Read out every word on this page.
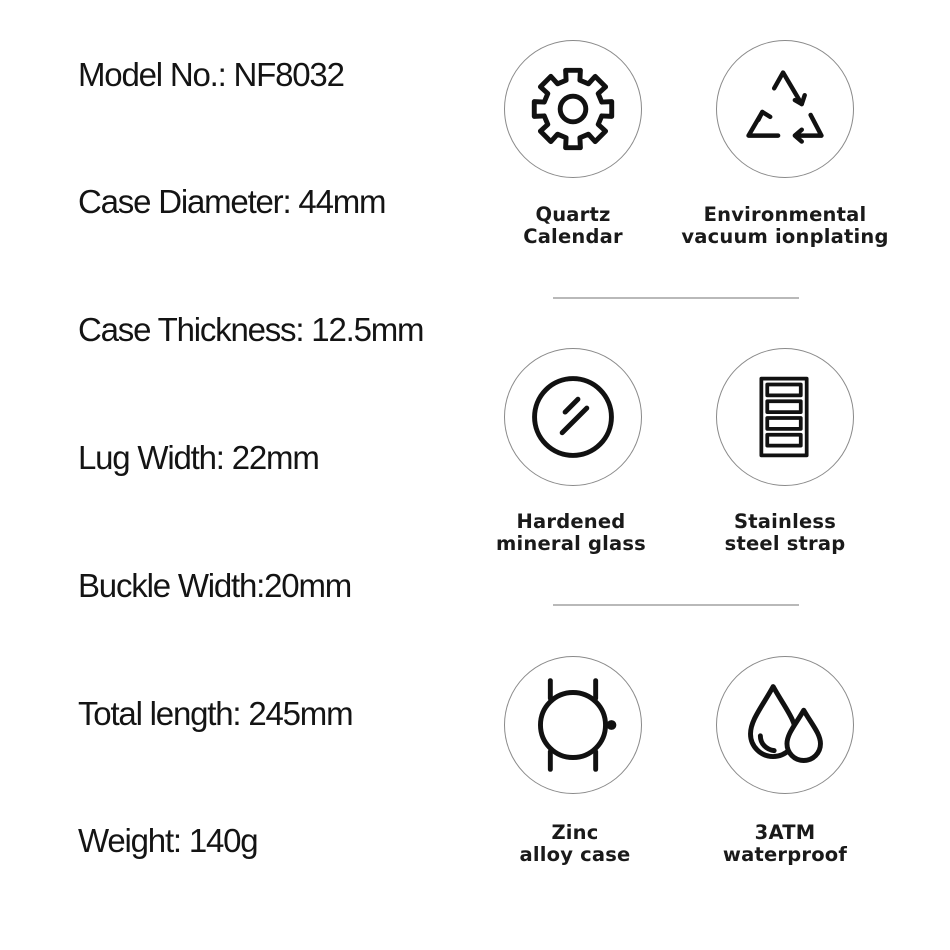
Model No.: NF8032
Case Diameter: 44mm
Case Thickness: 12.5mm
Lug Width: 22mm
Buckle Width:20mm
Total length: 245mm
Weight: 140g
Quartz
Calendar
Environmental
vacuum ionplating
Hardened
mineral glass
Stainless
steel strap
Zinc
alloy case
3ATM
waterproof
